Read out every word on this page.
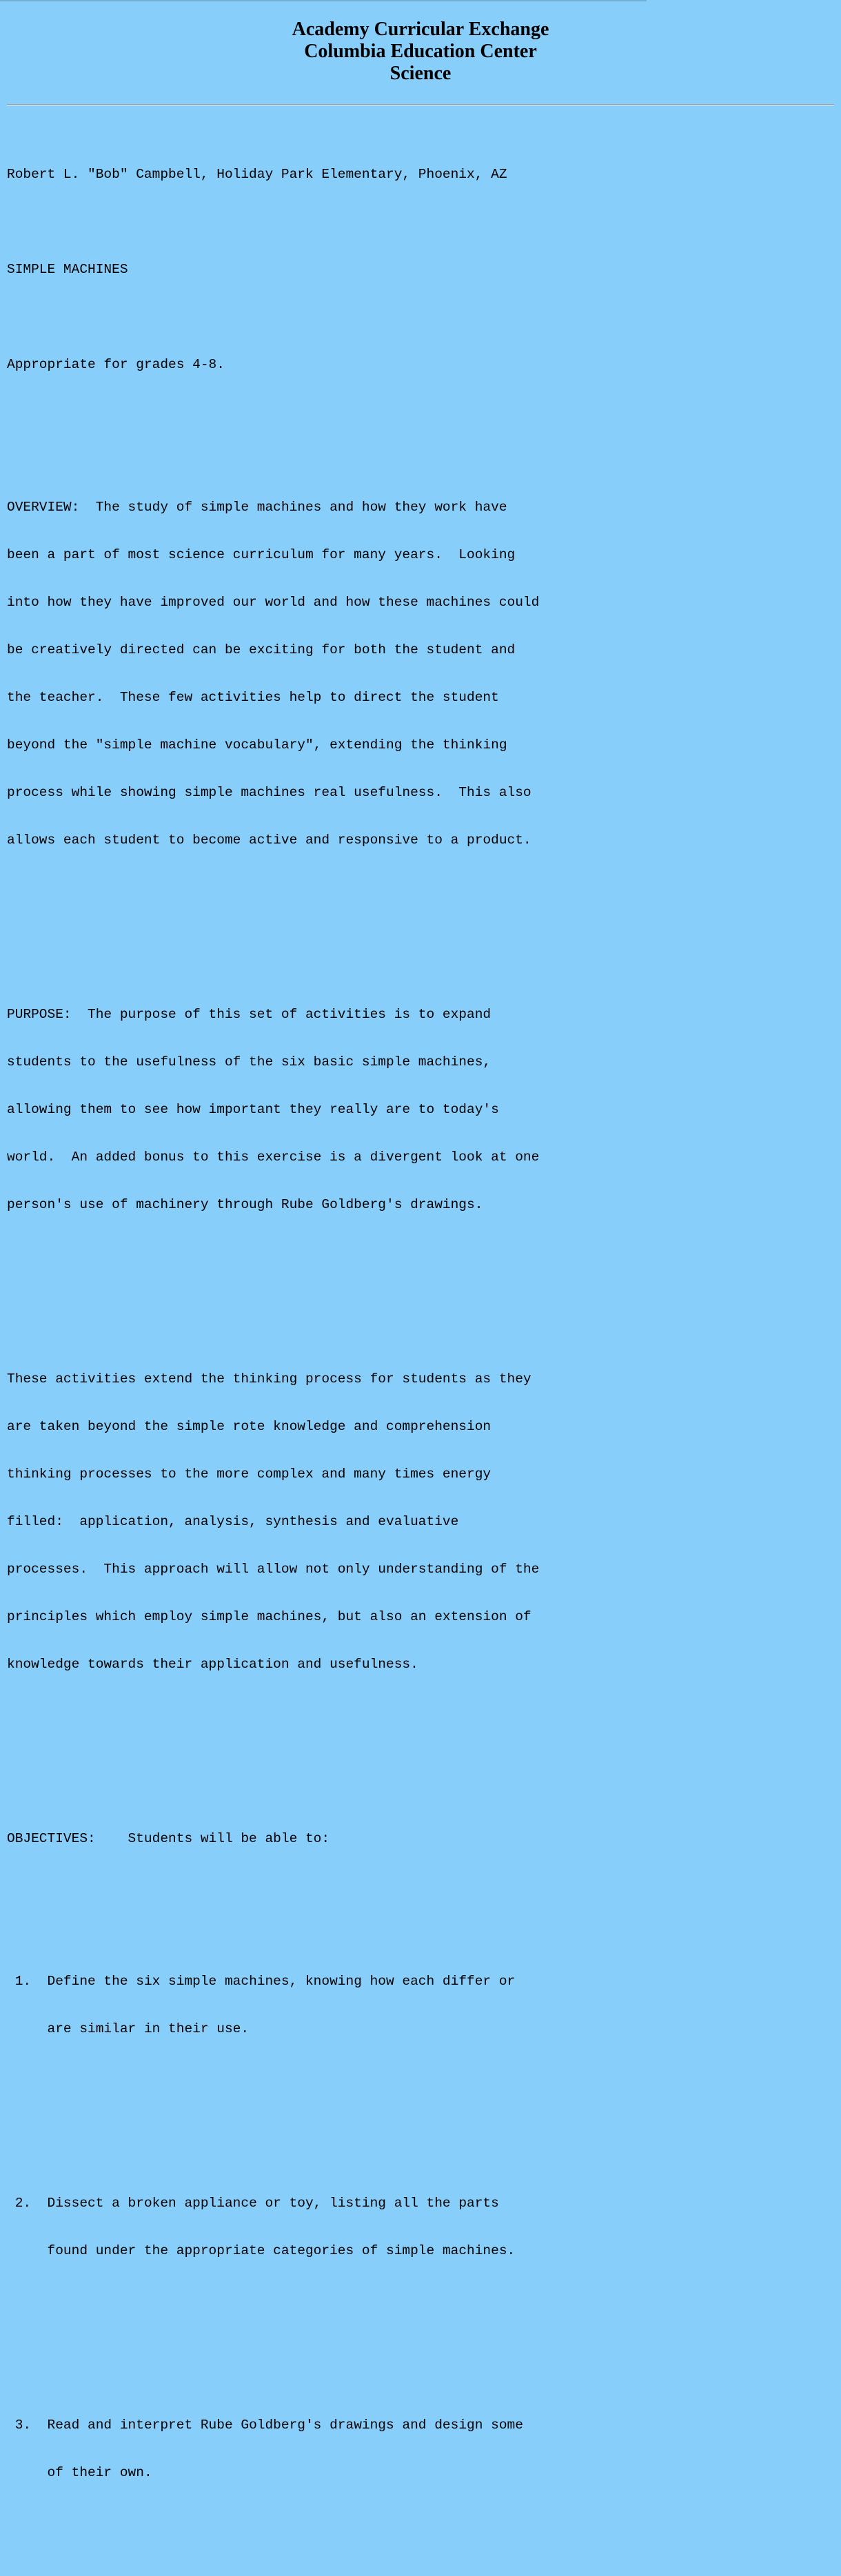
Academy Curricular Exchange
Columbia Education Center
Science

Robert L. "Bob" Campbell, Holiday Park Elementary, Phoenix, AZ

SIMPLE MACHINES

Appropriate for grades 4-8.

OVERVIEW:  The study of simple machines and how they work have

been a part of most science curriculum for many years.  Looking

into how they have improved our world and how these machines could

be creatively directed can be exciting for both the student and

the teacher.  These few activities help to direct the student

beyond the "simple machine vocabulary", extending the thinking

process while showing simple machines real usefulness.  This also

allows each student to become active and responsive to a product.

PURPOSE:  The purpose of this set of activities is to expand

students to the usefulness of the six basic simple machines,

allowing them to see how important they really are to today's

world.  An added bonus to this exercise is a divergent look at one

person's use of machinery through Rube Goldberg's drawings.

These activities extend the thinking process for students as they

are taken beyond the simple rote knowledge and comprehension

thinking processes to the more complex and many times energy

filled:  application, analysis, synthesis and evaluative

processes.  This approach will allow not only understanding of the

principles which employ simple machines, but also an extension of

knowledge towards their application and usefulness.

OBJECTIVES:    Students will be able to:

1.  Define the six simple machines, knowing how each differ or

are similar in their use.

2.  Dissect a broken appliance or toy, listing all the parts

found under the appropriate categories of simple machines.

3.  Read and interpret Rube Goldberg's drawings and design some

of their own.
